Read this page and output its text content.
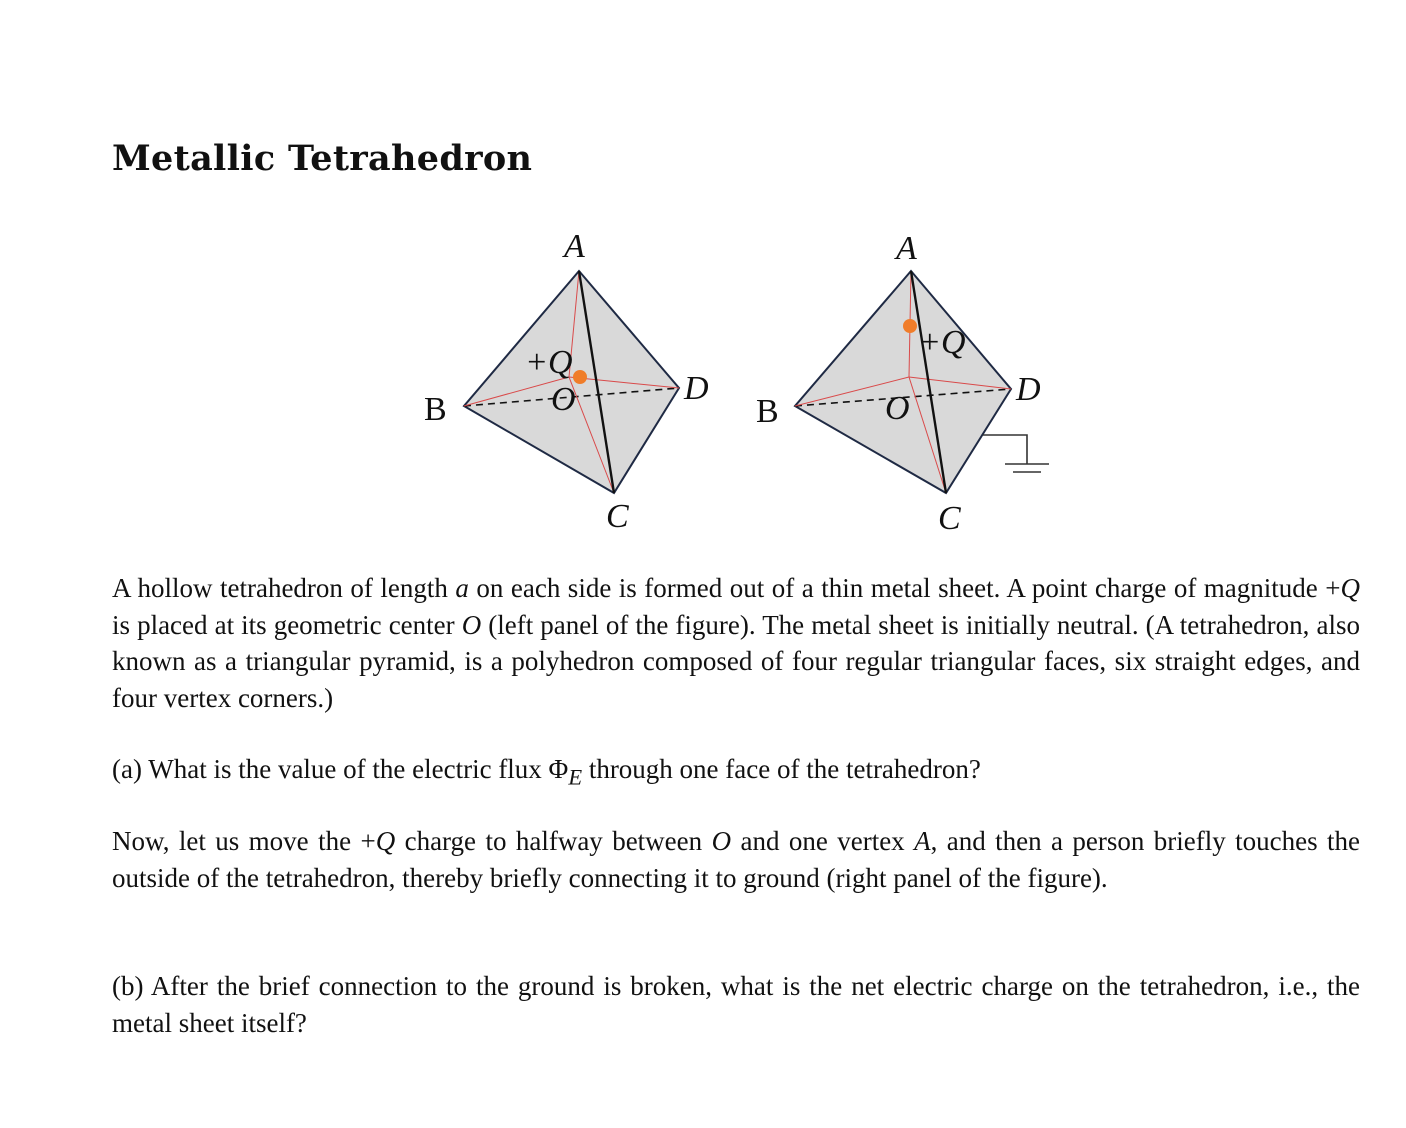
Metallic Tetrahedron
A
B
C
D
O
+Q
A
B
C
D
O
+Q

A hollow tetrahedron of length a on each side is formed out of a thin metal sheet. A point charge of magnitude +Q is placed at its geometric center O (left panel of the figure). The metal sheet is initially neutral. (A tetrahedron, also known as a triangular pyramid, is a polyhedron composed of four regular triangular faces, six straight edges, and four vertex corners.)

(a) What is the value of the electric flux $\Phi_E$ through one face of the tetrahedron?

Now, let us move the +Q charge to halfway between O and one vertex A, and then a person briefly touches the outside of the tetrahedron, thereby briefly connecting it to ground (right panel of the figure).

(b) After the brief connection to the ground is broken, what is the net electric charge on the tetrahedron, i.e., the metal sheet itself?
